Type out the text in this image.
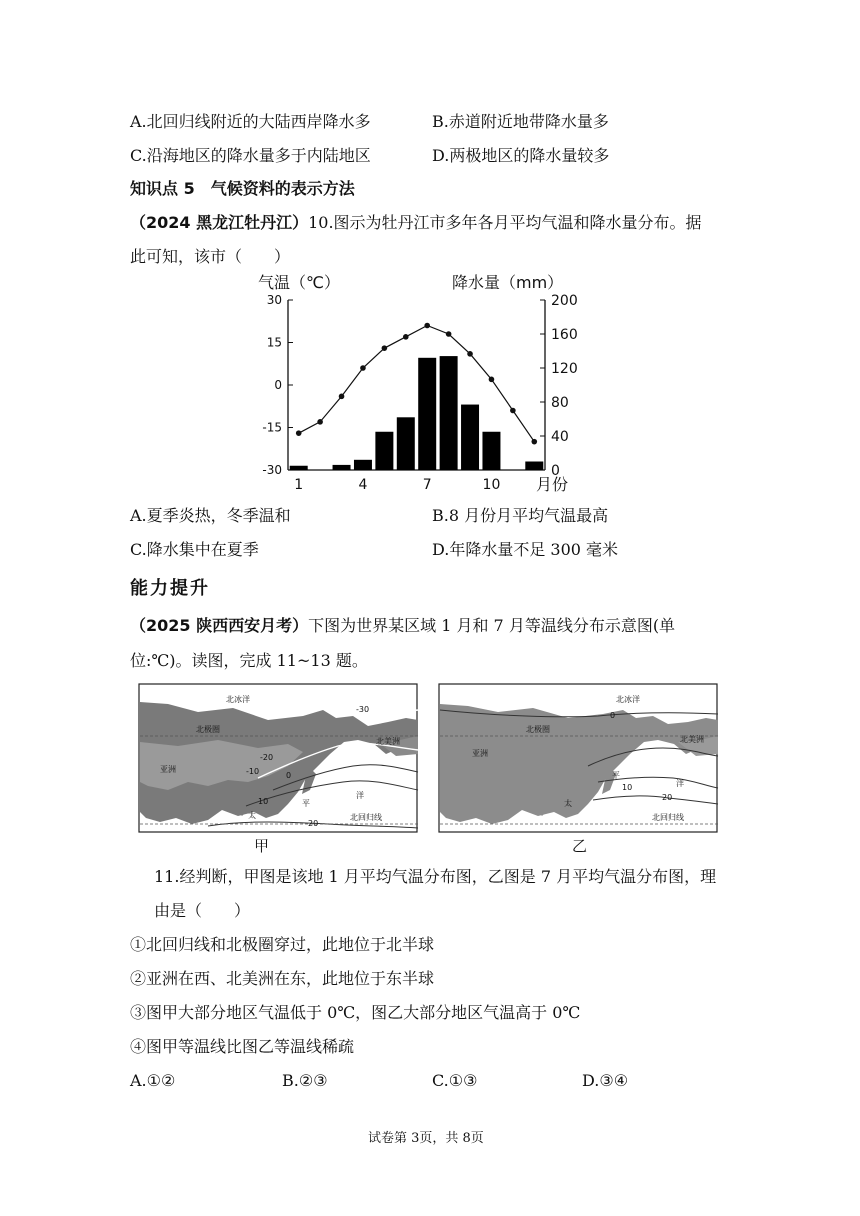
A.北回归线附近的大陆西岸降水多	B.赤道附近地带降水量多
C.沿海地区的降水量多于内陆地区	D.两极地区的降水量较多
知识点 5　气候资料的表示方法
（2024 黑龙江牡丹江）10.图示为牡丹江市多年各月平均气温和降水量分布。据
此可知，该市（　　）
气温（℃）	降水量（mm）
30
15
0
-15
-30
200
160
120
80
40
0
1	4	7	10 月份
A.夏季炎热，冬季温和	B.8 月份月平均气温最高
C.降水集中在夏季	D.年降水量不足 300 毫米
能力提升
（2025 陕西西安月考）下图为世界某区域 1 月和 7 月等温线分布示意图(单
位:℃)。读图，完成 11~13 题。
北冰洋
-30
北极圈
北美洲
亚洲
-20
-10	0
10	平
洋
太
20
北回归线
甲
北冰洋
0
北极圈
北美洲
亚洲
平
洋
10
太
20
北回归线
乙
11.经判断，甲图是该地 1 月平均气温分布图，乙图是 7 月平均气温分布图，理
由是（　　）
①北回归线和北极圈穿过，此地位于北半球
②亚洲在西、北美洲在东，此地位于东半球
③图甲大部分地区气温低于 0℃，图乙大部分地区气温高于 0℃
④图甲等温线比图乙等温线稀疏
A.①②	B.②③	C.①③	D.③④
试卷第 3页，共 8页
